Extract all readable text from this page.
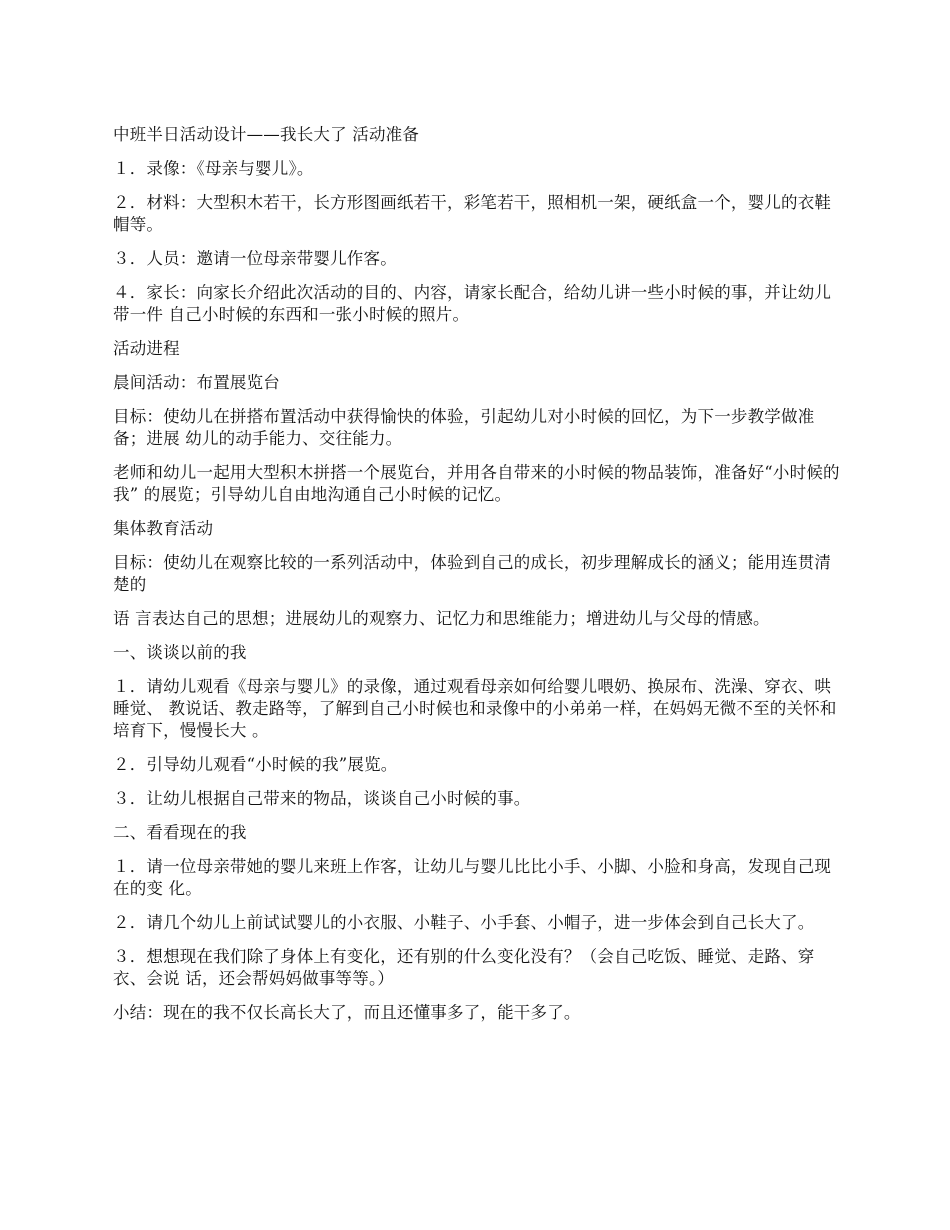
中班半日活动设计——我长大了 活动准备

１．录像：《母亲与婴儿》。

２．材料：大型积木若干，长方形图画纸若干，彩笔若干，照相机一架，硬纸盒一个，婴儿的衣鞋帽等。

３．人员：邀请一位母亲带婴儿作客。

４．家长：向家长介绍此次活动的目的、内容，请家长配合，给幼儿讲一些小时候的事，并让幼儿带一件 自己小时候的东西和一张小时候的照片。

活动进程

晨间活动：布置展览台

目标：使幼儿在拼搭布置活动中获得愉快的体验，引起幼儿对小时候的回忆，为下一步教学做准备；进展 幼儿的动手能力、交往能力。

老师和幼儿一起用大型积木拼搭一个展览台，并用各自带来的小时候的物品装饰，准备好“小时候的我” 的展览；引导幼儿自由地沟通自己小时候的记忆。

集体教育活动

目标：使幼儿在观察比较的一系列活动中，体验到自己的成长，初步理解成长的涵义；能用连贯清楚的

语 言表达自己的思想；进展幼儿的观察力、记忆力和思维能力；增进幼儿与父母的情感。

一、谈谈以前的我

１．请幼儿观看《母亲与婴儿》的录像，通过观看母亲如何给婴儿喂奶、换尿布、洗澡、穿衣、哄睡觉、 教说话、教走路等，了解到自己小时候也和录像中的小弟弟一样，在妈妈无微不至的关怀和培育下，慢慢长大 。

２．引导幼儿观看“小时候的我”展览。

３．让幼儿根据自己带来的物品，谈谈自己小时候的事。

二、看看现在的我

１．请一位母亲带她的婴儿来班上作客，让幼儿与婴儿比比小手、小脚、小脸和身高，发现自己现在的变 化。

２．请几个幼儿上前试试婴儿的小衣服、小鞋子、小手套、小帽子，进一步体会到自己长大了。

３．想想现在我们除了身体上有变化，还有别的什么变化没有？（会自己吃饭、睡觉、走路、穿衣、会说 话，还会帮妈妈做事等等。）

小结：现在的我不仅长高长大了，而且还懂事多了，能干多了。
